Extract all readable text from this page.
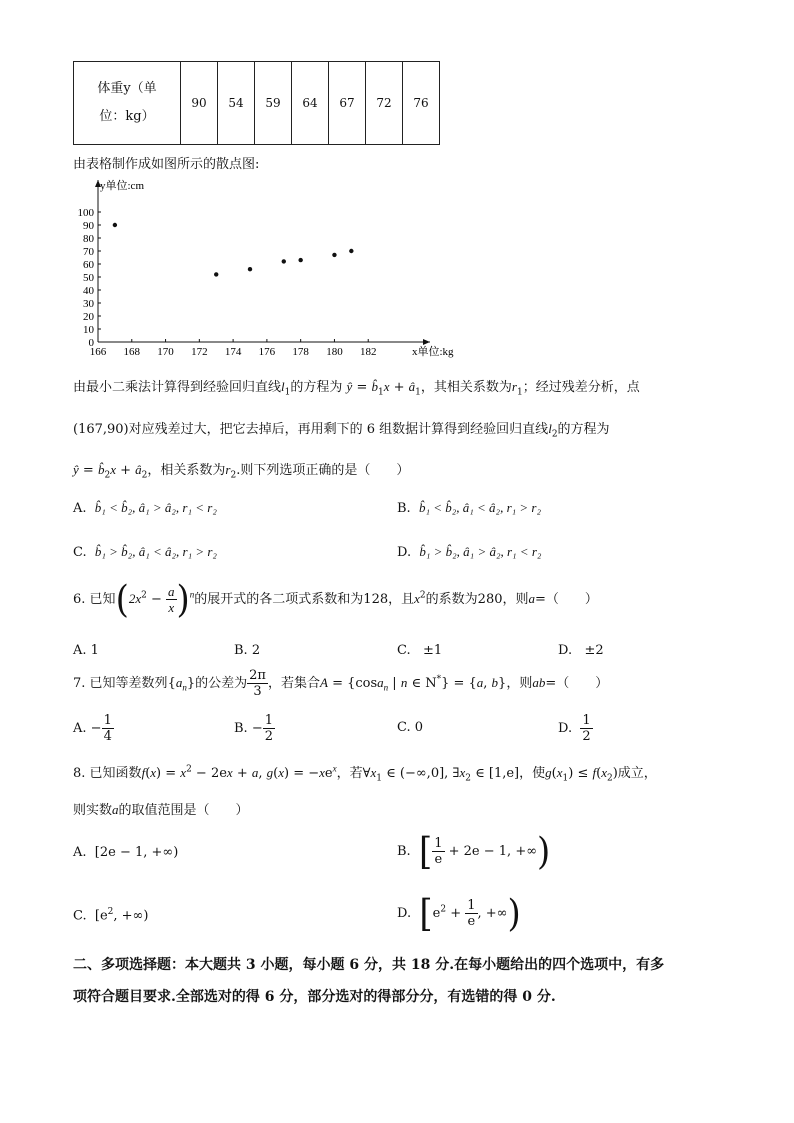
体重y（单
位：kg）	90	54	59	64	67	72	76
由表格制作成如图所示的散点图:
166 168 170 172 174 176 178 180 182
100
90
80
70
60
50
40
30
20
10
0
y单位:cm
x单位:kg
由最小二乘法计算得到经验回归直线$l_1$的方程为 ŷ = $b̂_1x$ + $â_1$，其相关系数为$r_1$；经过残差分析，点
(167,90)对应残差过大，把它去掉后，再用剩下的 6 组数据计算得到经验回归直线$l_2$的方程为
ŷ = $b̂_2x$ + $â_2$，相关系数为$r_2$.则下列选项正确的是（　　）
A. b̂₁ < b̂₂, â₁ > â₂, r₁ < r₂	B. b̂₁ < b̂₂, â₁ < â₂, r₁ > r₂
C. b̂₁ > b̂₂, â₁ < â₂, r₁ > r₂	D. b̂₁ > b̂₂, â₁ > â₂, r₁ < r₂
6. 已知$(2x^2 - \frac{a}{x} )^n$的展开式的各二项式系数和为128，且$x^2$的系数为280，则a=（　　）
A. 1	B. 2	C. ±1	D. ±2
7. 已知等差数列$\{a_n\}$的公差为 $\frac{2\pi}{3}$ ，若集合A = {cosa$_n$ | n ∈ N*} = {a, b}，则ab=（　　）
A. − $\frac{1}{4}$	B. − $\frac{1}{2}$	C. 0	D. $\frac{1}{2}$
8. 已知函数$f(x) = x^2 - 2ex + a$, $g(x) = -xe^x$，若$\forall x_1$ ∈ (−∞,0], $\exists x_2$ ∈ [1,e]，使$g(x_1) \le f(x_2)$成立，
则实数a的取值范围是（　　）
A.  [2e − 1, +∞)	B. [ $\frac{1}{e} + 2e - 1$, +∞)
C.  [$e^2$, +∞)	D. [$e^2 + \frac{1}{e}$ , +∞)
二、多项选择题：本大题共 3 小题，每小题 6 分，共 18 分.在每小题给出的四个选项中，有多
项符合题目要求.全部选对的得 6 分，部分选对的得部分分，有选错的得 0 分.
